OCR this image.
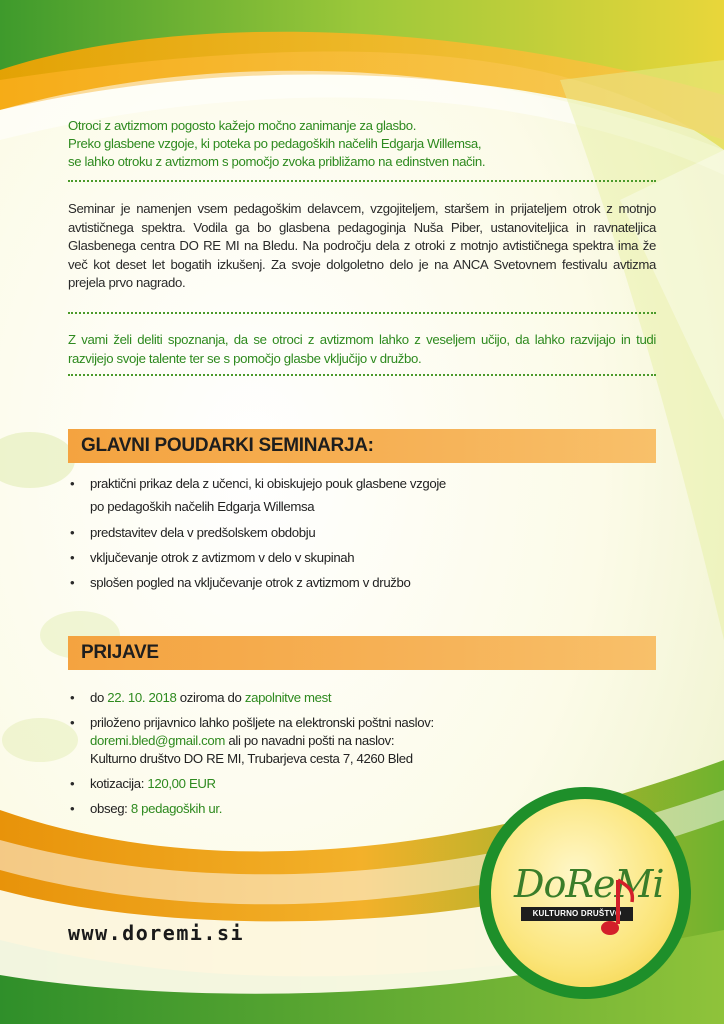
Otroci z avtizmom pogosto kažejo močno zanimanje za glasbo.
Preko glasbene vzgoje, ki poteka po pedagoških načelih Edgarja Willemsa,
se lahko otroku z avtizmom s pomočjo zvoka približamo na edinstven način.
Seminar je namenjen vsem pedagoškim delavcem, vzgojiteljem, staršem in prijateljem otrok z motnjo avtističnega spektra. Vodila ga bo glasbena pedagoginja Nuša Piber, ustanoviteljica in ravnateljica Glasbenega centra DO RE MI na Bledu. Na področju dela z otroki z motnjo avtističnega spektra ima že več kot deset let bogatih izkušenj. Za svoje dolgoletno delo je na ANCA Svetovnem festivalu avtizma prejela prvo nagrado.
Z vami želi deliti spoznanja, da se otroci z avtizmom lahko z veseljem učijo, da lahko razvijajo in tudi razvijejo svoje talente ter se s pomočjo glasbe vključijo v družbo.
GLAVNI POUDARKI SEMINARJA:
• praktični prikaz dela z učenci, ki obiskujejo pouk glasbene vzgoje
po pedagoških načelih Edgarja Willemsa
• predstavitev dela v predšolskem obdobju
• vključevanje otrok z avtizmom v delo v skupinah
• splošen pogled na vključevanje otrok z avtizmom v družbo
PRIJAVE
• do 22. 10. 2018 oziroma do zapolnitve mest
• priloženo prijavnico lahko pošljete na elektronski poštni naslov:
doremi.bled@gmail.com ali po navadni pošti na naslov:
Kulturno društvo DO RE MI, Trubarjeva cesta 7, 4260 Bled
• kotizacija: 120,00 EUR
• obseg: 8 pedagoških ur.
www.doremi.si
DoReMi
KULTURNO DRUŠTVO
